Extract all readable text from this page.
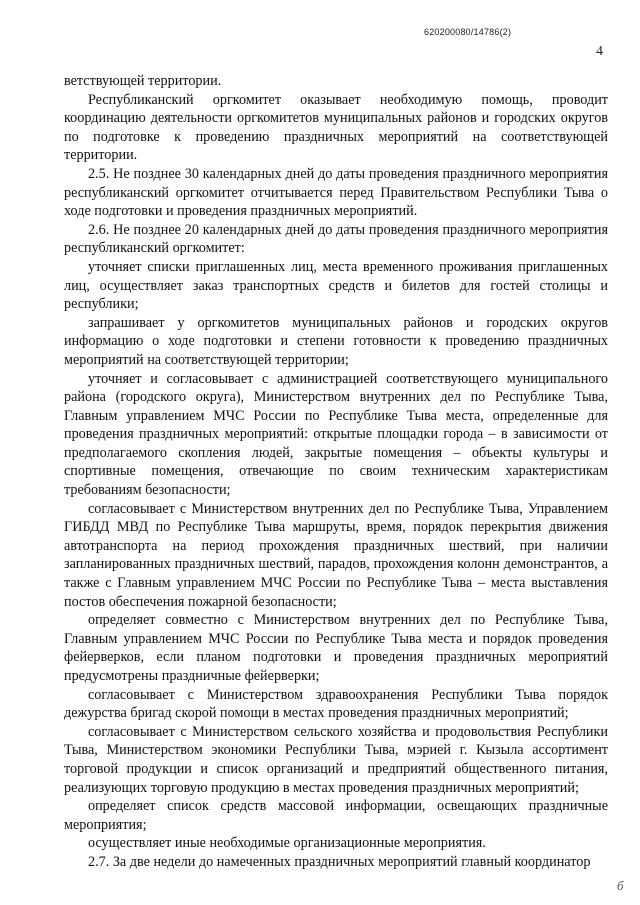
620200080/14786(2)
4

ветствующей территории.

Республиканский оргкомитет оказывает необходимую помощь, проводит координацию деятельности оргкомитетов муниципальных районов и городских округов по подготовке к проведению праздничных мероприятий на соответствующей территории.

2.5. Не позднее 30 календарных дней до даты проведения праздничного мероприятия республиканский оргкомитет отчитывается перед Правительством Республики Тыва о ходе подготовки и проведения праздничных мероприятий.

2.6. Не позднее 20 календарных дней до даты проведения праздничного мероприятия республиканский оргкомитет:

уточняет списки приглашенных лиц, места временного проживания приглашенных лиц, осуществляет заказ транспортных средств и билетов для гостей столицы и республики;

запрашивает у оргкомитетов муниципальных районов и городских округов информацию о ходе подготовки и степени готовности к проведению праздничных мероприятий на соответствующей территории;

уточняет и согласовывает с администрацией соответствующего муниципального района (городского округа), Министерством внутренних дел по Республике Тыва, Главным управлением МЧС России по Республике Тыва места, определенные для проведения праздничных мероприятий: открытые площадки города – в зависимости от предполагаемого скопления людей, закрытые помещения – объекты культуры и спортивные помещения, отвечающие по своим техническим характеристикам требованиям безопасности;

согласовывает с Министерством внутренних дел по Республике Тыва, Управлением ГИБДД МВД по Республике Тыва маршруты, время, порядок перекрытия движения автотранспорта на период прохождения праздничных шествий, при наличии запланированных праздничных шествий, парадов, прохождения колонн демонстрантов, а также с Главным управлением МЧС России по Республике Тыва – места выставления постов обеспечения пожарной безопасности;

определяет совместно с Министерством внутренних дел по Республике Тыва, Главным управлением МЧС России по Республике Тыва места и порядок проведения фейерверков, если планом подготовки и проведения праздничных мероприятий предусмотрены праздничные фейерверки;

согласовывает с Министерством здравоохранения Республики Тыва порядок дежурства бригад скорой помощи в местах проведения праздничных мероприятий;

согласовывает с Министерством сельского хозяйства и продовольствия Республики Тыва, Министерством экономики Республики Тыва, мэрией г. Кызыла ассортимент торговой продукции и список организаций и предприятий общественного питания, реализующих торговую продукцию в местах проведения праздничных мероприятий;

определяет список средств массовой информации, освещающих праздничные мероприятия;

осуществляет иные необходимые организационные мероприятия.

2.7. За две недели до намеченных праздничных мероприятий главный координатор

б
